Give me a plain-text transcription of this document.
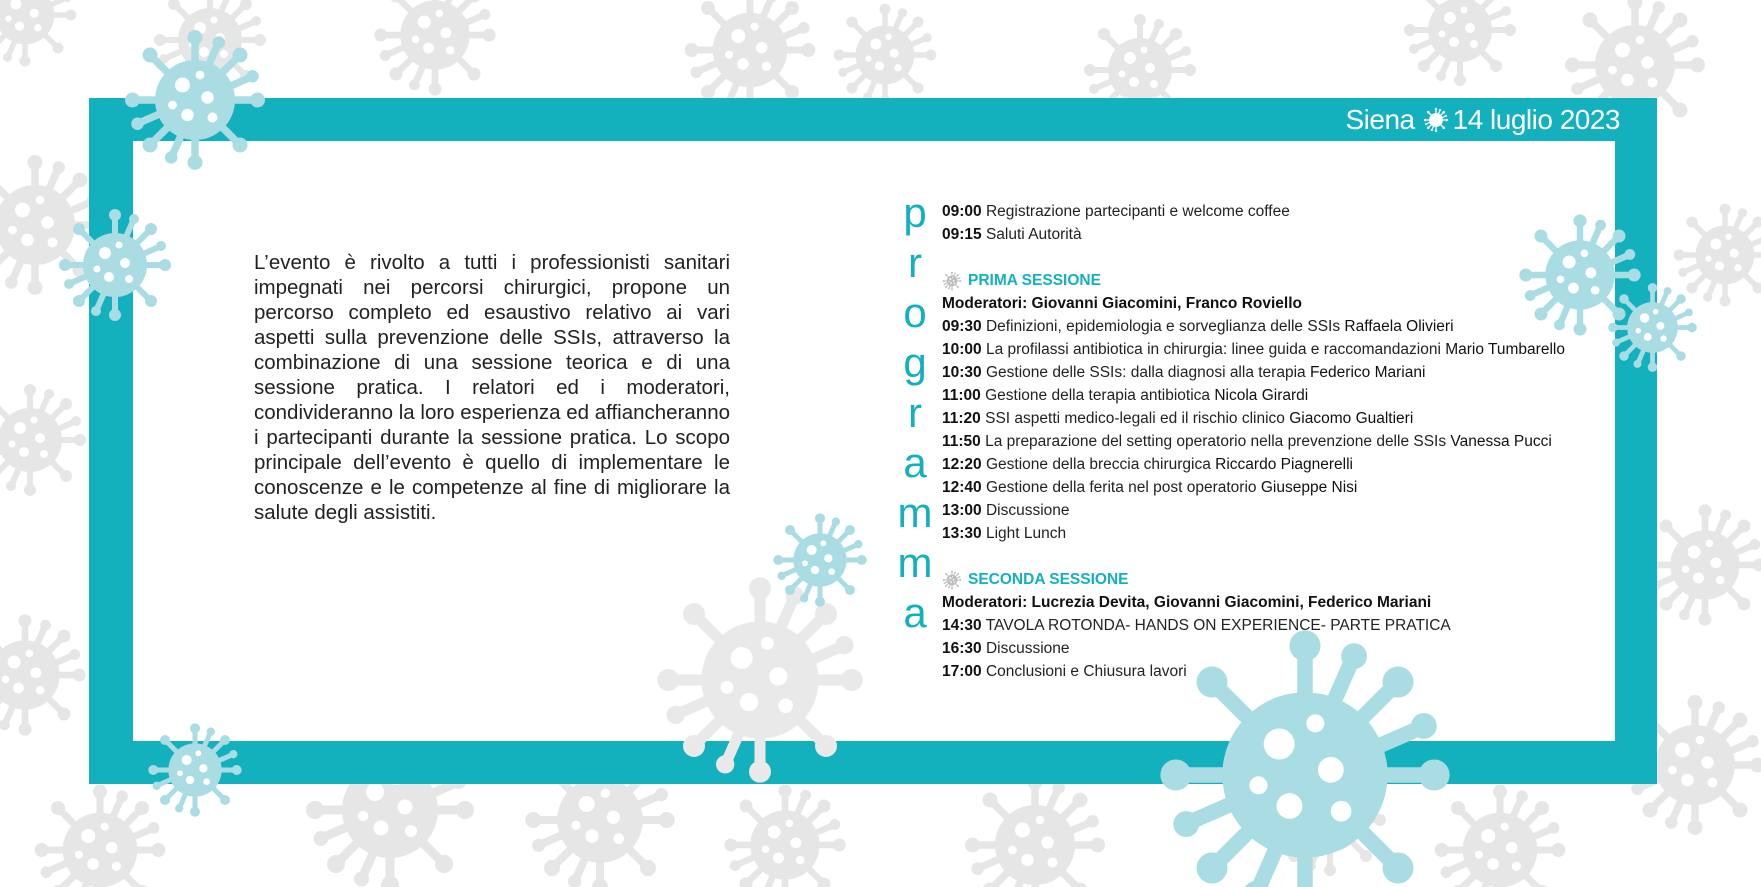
Siena 14 luglio 2023
L’evento è rivolto a tutti i professionisti sanitari impegnati nei percorsi chirurgici, propone un percorso completo ed esaustivo relativo ai vari aspetti sulla prevenzione delle SSIs, attraverso la combinazione di una sessione teorica e di una sessione pratica. I relatori ed i moderatori, condivideranno la loro esperienza ed affiancheranno i partecipanti durante la sessione pratica. Lo scopo principale dell’evento è quello di implementare le conoscenze e le competenze al fine di migliorare la salute degli assistiti.
p
r
o
g
r
a
m
m
a
09:00 Registrazione partecipanti e welcome coffee
09:15 Saluti Autorità
PRIMA SESSIONE
Moderatori: Giovanni Giacomini, Franco Roviello
09:30 Definizioni, epidemiologia e sorveglianza delle SSIs Raffaela Olivieri
10:00 La profilassi antibiotica in chirurgia: linee guida e raccomandazioni Mario Tumbarello
10:30 Gestione delle SSIs: dalla diagnosi alla terapia Federico Mariani
11:00 Gestione della terapia antibiotica Nicola Girardi
11:20 SSI aspetti medico-legali ed il rischio clinico Giacomo Gualtieri
11:50 La preparazione del setting operatorio nella prevenzione delle SSIs Vanessa Pucci
12:20 Gestione della breccia chirurgica Riccardo Piagnerelli
12:40 Gestione della ferita nel post operatorio Giuseppe Nisi
13:00 Discussione
13:30 Light Lunch
SECONDA SESSIONE
Moderatori: Lucrezia Devita, Giovanni Giacomini, Federico Mariani
14:30 TAVOLA ROTONDA- HANDS ON EXPERIENCE- PARTE PRATICA
16:30 Discussione
17:00 Conclusioni e Chiusura lavori
